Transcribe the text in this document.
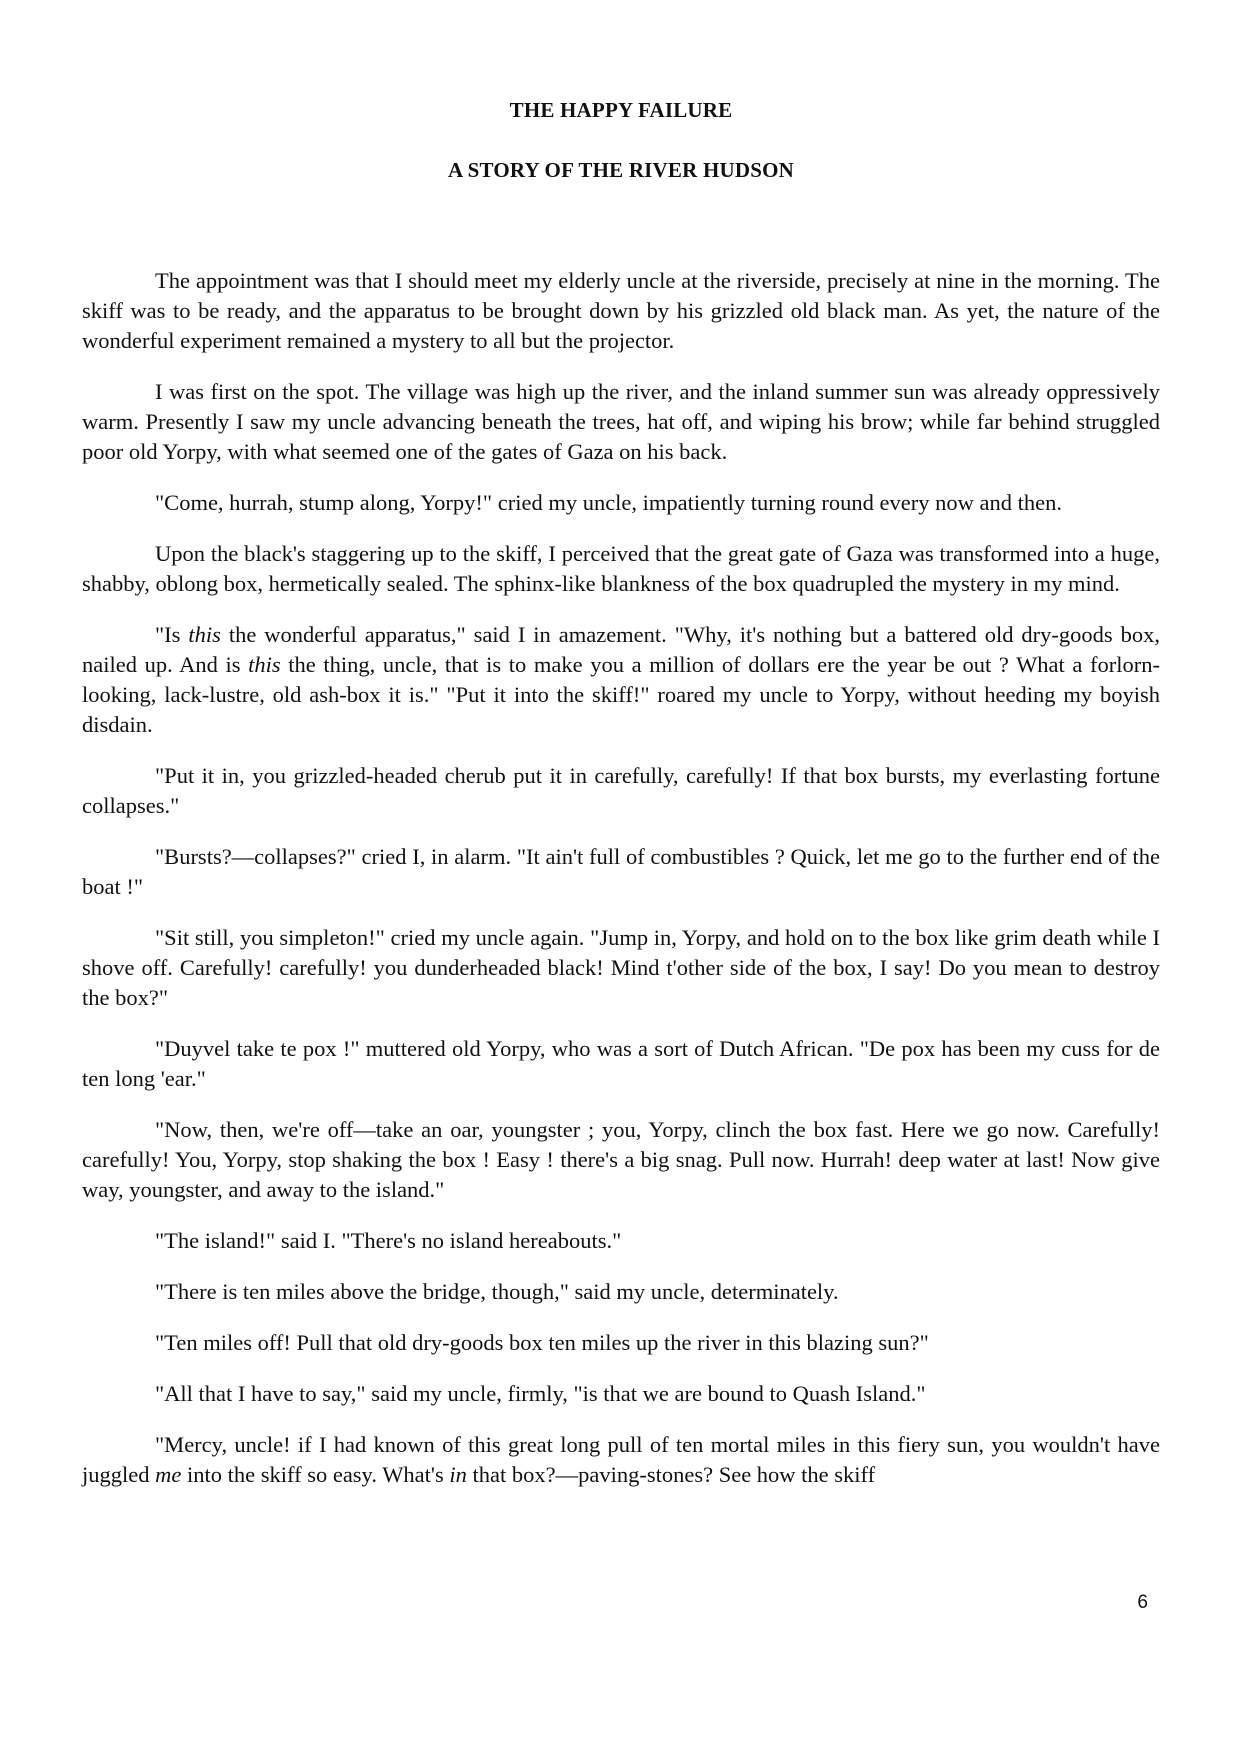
THE HAPPY FAILURE
A STORY OF THE RIVER HUDSON

The appointment was that I should meet my elderly uncle at the riverside, precisely at nine in the morning. The skiff was to be ready, and the apparatus to be brought down by his grizzled old black man. As yet, the nature of the wonderful experiment remained a mystery to all but the projector.

I was first on the spot. The village was high up the river, and the inland summer sun was already oppressively warm. Presently I saw my uncle advancing beneath the trees, hat off, and wiping his brow; while far behind struggled poor old Yorpy, with what seemed one of the gates of Gaza on his back.

"Come, hurrah, stump along, Yorpy!" cried my uncle, impatiently turning round every now and then.

Upon the black's staggering up to the skiff, I perceived that the great gate of Gaza was transformed into a huge, shabby, oblong box, hermetically sealed. The sphinx-like blankness of the box quadrupled the mystery in my mind.

"Is this the wonderful apparatus," said I in amazement. "Why, it's nothing but a battered old dry-goods box, nailed up. And is this the thing, uncle, that is to make you a million of dollars ere the year be out ? What a forlorn-looking, lack-lustre, old ash-box it is." "Put it into the skiff!" roared my uncle to Yorpy, without heeding my boyish disdain.

"Put it in, you grizzled-headed cherub put it in carefully, carefully! If that box bursts, my everlasting fortune collapses."

"Bursts?—collapses?" cried I, in alarm. "It ain't full of combustibles ? Quick, let me go to the further end of the boat !"

"Sit still, you simpleton!" cried my uncle again. "Jump in, Yorpy, and hold on to the box like grim death while I shove off. Carefully! carefully! you dunderheaded black! Mind t'other side of the box, I say! Do you mean to destroy the box?"

"Duyvel take te pox !" muttered old Yorpy, who was a sort of Dutch African. "De pox has been my cuss for de ten long 'ear."

"Now, then, we're off—take an oar, youngster ; you, Yorpy, clinch the box fast. Here we go now. Carefully! carefully! You, Yorpy, stop shaking the box ! Easy ! there's a big snag. Pull now. Hurrah! deep water at last! Now give way, youngster, and away to the island."

"The island!" said I. "There's no island hereabouts."

"There is ten miles above the bridge, though," said my uncle, determinately.

"Ten miles off! Pull that old dry-goods box ten miles up the river in this blazing sun?"

"All that I have to say," said my uncle, firmly, "is that we are bound to Quash Island."

"Mercy, uncle! if I had known of this great long pull of ten mortal miles in this fiery sun, you wouldn't have juggled me into the skiff so easy. What's in that box?—paving-stones? See how the skiff

6
